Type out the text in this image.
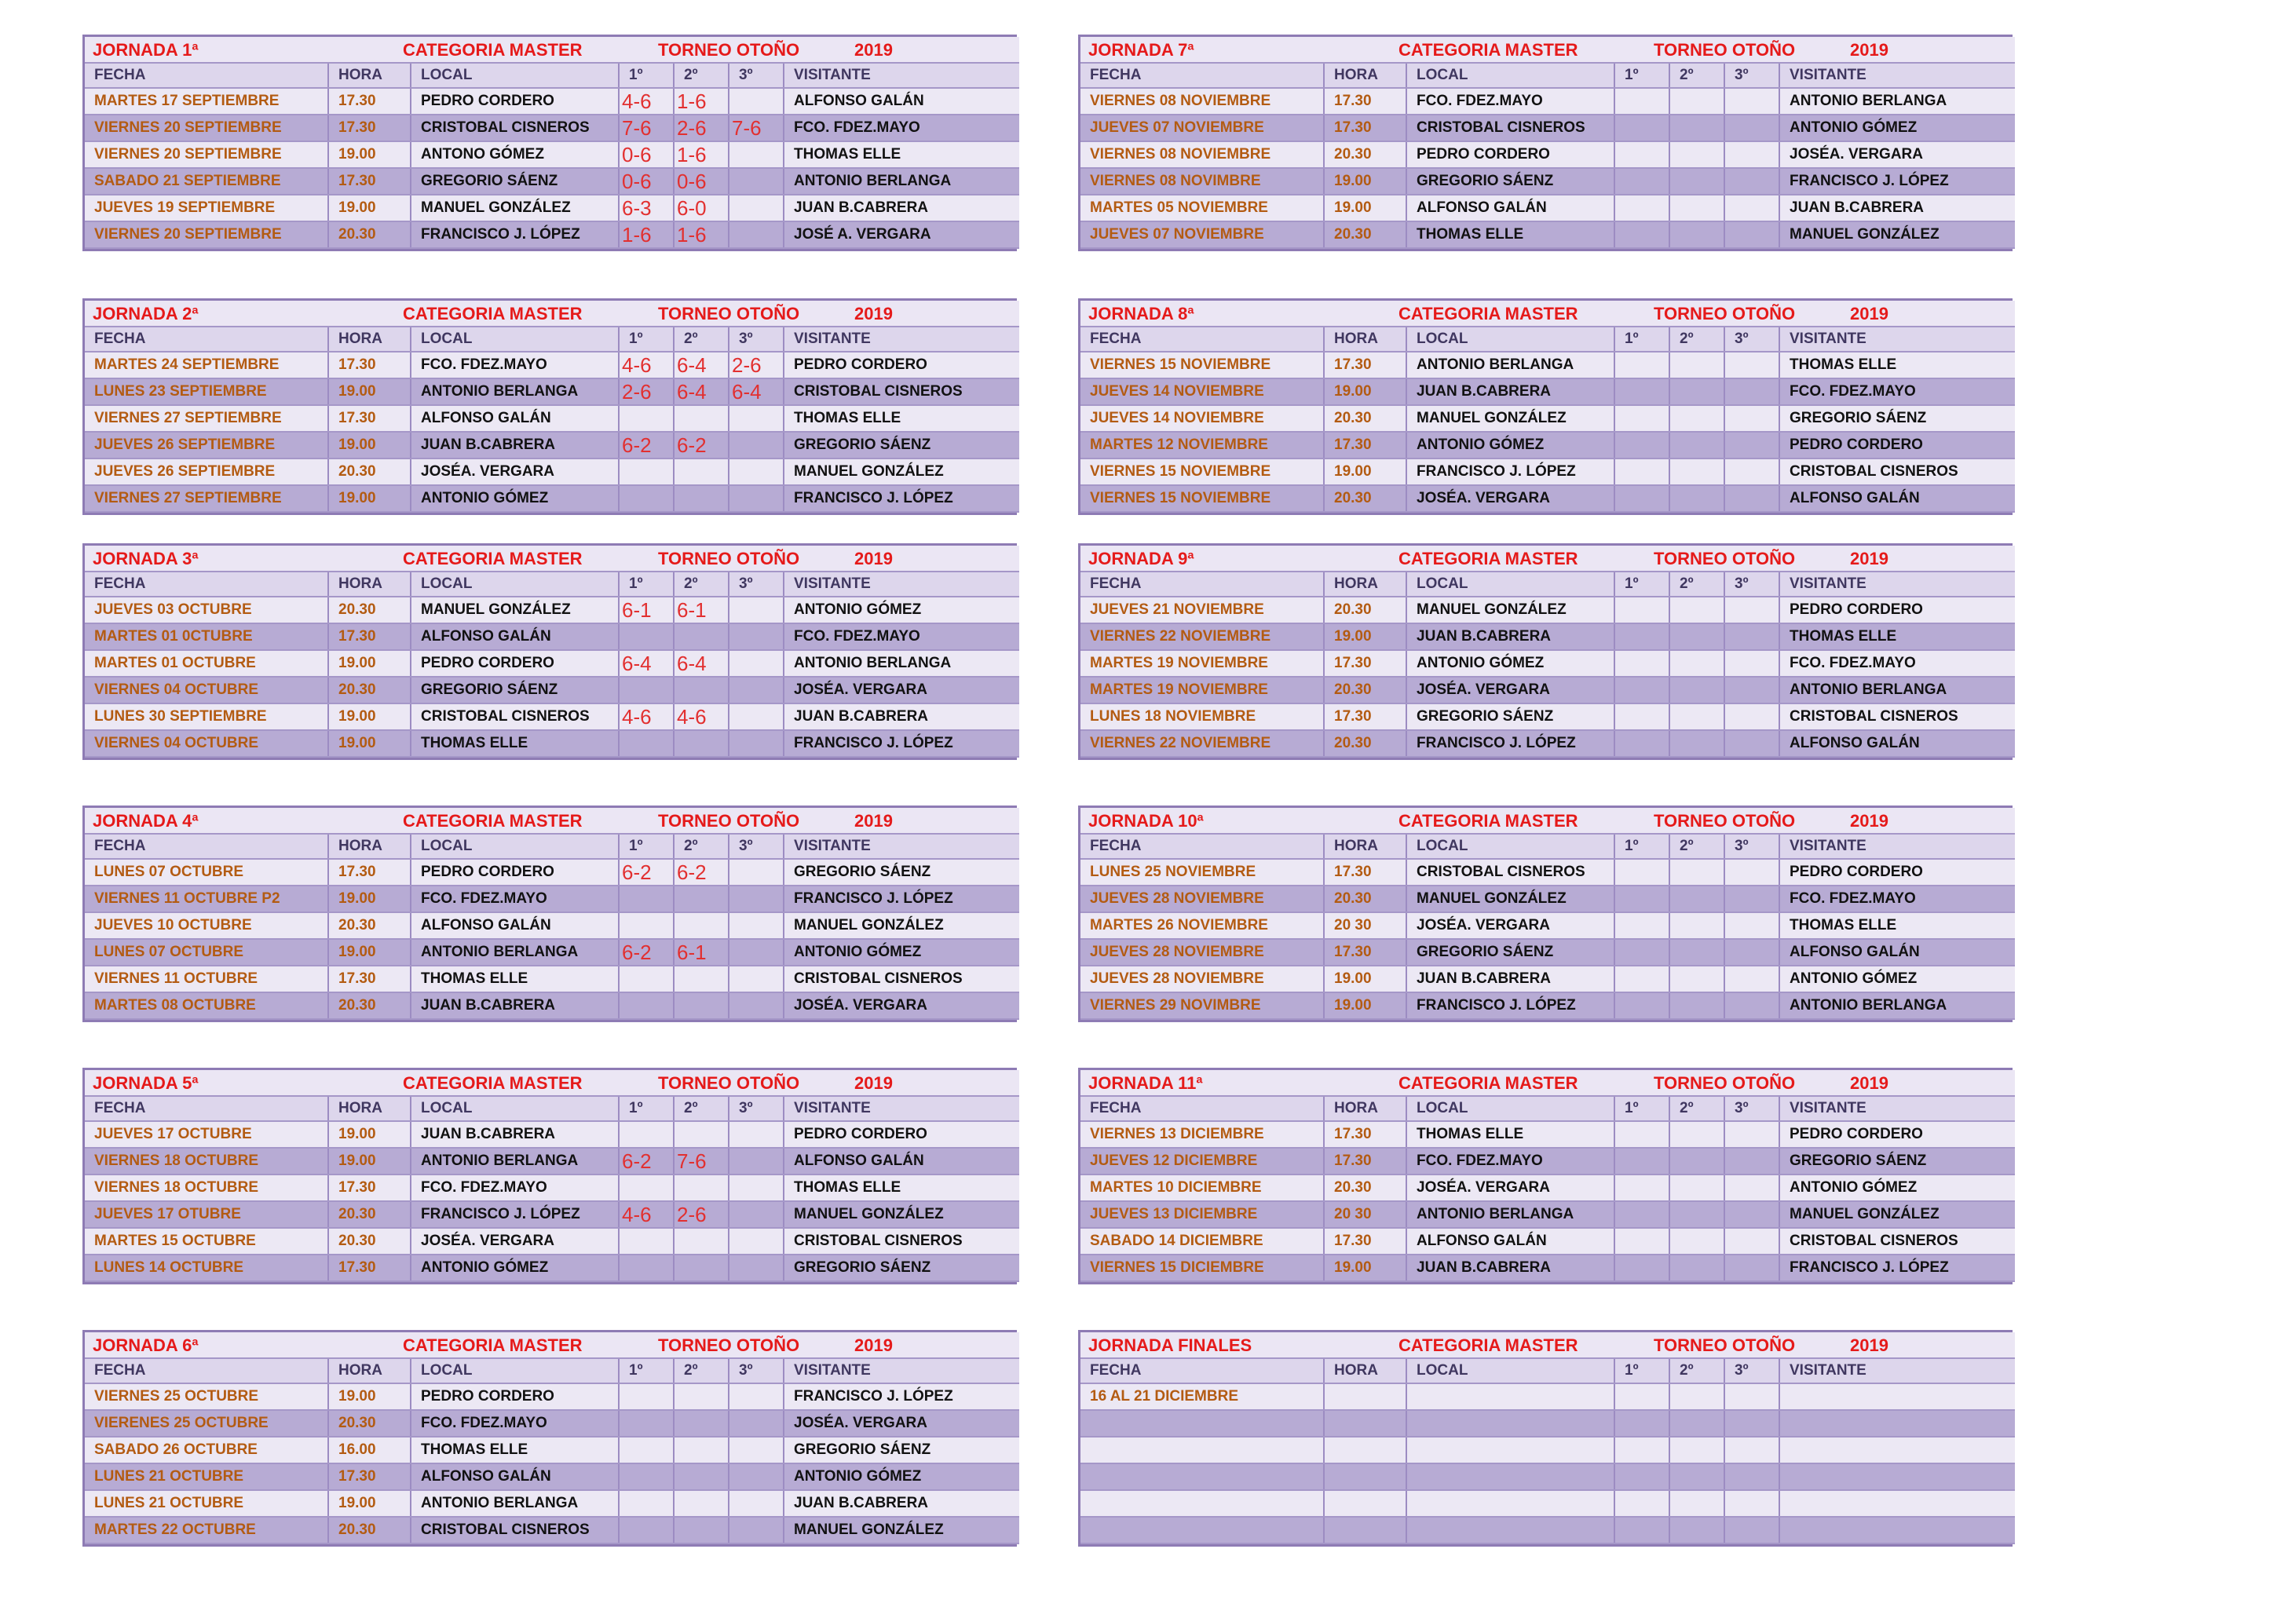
JORNADA 1ª CATEGORIA MASTER TORNEO OTOÑO 2019						

FECHA	HORA	LOCAL	1º	2º	3º	VISITANTE
MARTES 17 SEPTIEMBRE	17.30	PEDRO CORDERO	4-6	1-6		ALFONSO GALÁN
VIERNES 20 SEPTIEMBRE	17.30	CRISTOBAL CISNEROS	7-6	2-6	7-6	FCO. FDEZ.MAYO
VIERNES 20 SEPTIEMBRE	19.00	ANTONO GÓMEZ	0-6	1-6		THOMAS ELLE
SABADO 21 SEPTIEMBRE	17.30	GREGORIO SÁENZ	0-6	0-6		ANTONIO BERLANGA
JUEVES 19 SEPTIEMBRE	19.00	MANUEL GONZÁLEZ	6-3	6-0		JUAN B.CABRERA
VIERNES 20 SEPTIEMBRE	20.30	FRANCISCO J. LÓPEZ	1-6	1-6		JOSÉ A. VERGARA
JORNADA 2ª CATEGORIA MASTER TORNEO OTOÑO 2019						

FECHA	HORA	LOCAL	1º	2º	3º	VISITANTE
MARTES 24 SEPTIEMBRE	17.30	FCO. FDEZ.MAYO	4-6	6-4	2-6	PEDRO CORDERO
LUNES 23 SEPTIEMBRE	19.00	ANTONIO BERLANGA	2-6	6-4	6-4	CRISTOBAL CISNEROS
VIERNES 27 SEPTIEMBRE	17.30	ALFONSO GALÁN				THOMAS ELLE
JUEVES 26 SEPTIEMBRE	19.00	JUAN B.CABRERA	6-2	6-2		GREGORIO SÁENZ
JUEVES 26 SEPTIEMBRE	20.30	JOSÉA. VERGARA				MANUEL GONZÁLEZ
VIERNES 27 SEPTIEMBRE	19.00	ANTONIO GÓMEZ				FRANCISCO J. LÓPEZ
JORNADA 3ª CATEGORIA MASTER TORNEO OTOÑO 2019						

FECHA	HORA	LOCAL	1º	2º	3º	VISITANTE
JUEVES 03 OCTUBRE	20.30	MANUEL GONZÁLEZ	6-1	6-1		ANTONIO GÓMEZ
MARTES 01 0CTUBRE	17.30	ALFONSO GALÁN				FCO. FDEZ.MAYO
MARTES 01 OCTUBRE	19.00	PEDRO CORDERO	6-4	6-4		ANTONIO BERLANGA
VIERNES 04 OCTUBRE	20.30	GREGORIO SÁENZ				JOSÉA. VERGARA
LUNES 30 SEPTIEMBRE	19.00	CRISTOBAL CISNEROS	4-6	4-6		JUAN B.CABRERA
VIERNES 04 OCTUBRE	19.00	THOMAS ELLE				FRANCISCO J. LÓPEZ
JORNADA 4ª CATEGORIA MASTER TORNEO OTOÑO 2019						

FECHA	HORA	LOCAL	1º	2º	3º	VISITANTE
LUNES 07 OCTUBRE	17.30	PEDRO CORDERO	6-2	6-2		GREGORIO SÁENZ
VIERNES 11 OCTUBRE P2	19.00	FCO. FDEZ.MAYO				FRANCISCO J. LÓPEZ
JUEVES 10 OCTUBRE	20.30	ALFONSO GALÁN				MANUEL GONZÁLEZ
LUNES 07 OCTUBRE	19.00	ANTONIO BERLANGA	6-2	6-1		ANTONIO GÓMEZ
VIERNES 11 OCTUBRE	17.30	THOMAS ELLE				CRISTOBAL CISNEROS
MARTES 08 OCTUBRE	20.30	JUAN B.CABRERA				JOSÉA. VERGARA
JORNADA 5ª CATEGORIA MASTER TORNEO OTOÑO 2019						

FECHA	HORA	LOCAL	1º	2º	3º	VISITANTE
JUEVES 17 OCTUBRE	19.00	JUAN B.CABRERA				PEDRO CORDERO
VIERNES 18 OCTUBRE	19.00	ANTONIO BERLANGA	6-2	7-6		ALFONSO GALÁN
VIERNES 18 OCTUBRE	17.30	FCO. FDEZ.MAYO				THOMAS ELLE
JUEVES 17 OTUBRE	20.30	FRANCISCO J. LÓPEZ	4-6	2-6		MANUEL GONZÁLEZ
MARTES 15 OCTUBRE	20.30	JOSÉA. VERGARA				CRISTOBAL CISNEROS
LUNES 14 OCTUBRE	17.30	ANTONIO GÓMEZ				GREGORIO SÁENZ
JORNADA 6ª CATEGORIA MASTER TORNEO OTOÑO 2019						

FECHA	HORA	LOCAL	1º	2º	3º	VISITANTE
VIERNES 25 OCTUBRE	19.00	PEDRO CORDERO				FRANCISCO J. LÓPEZ
VIERENES 25 OCTUBRE	20.30	FCO. FDEZ.MAYO				JOSÉA. VERGARA
SABADO 26 OCTUBRE	16.00	THOMAS ELLE				GREGORIO SÁENZ
LUNES 21 OCTUBRE	17.30	ALFONSO GALÁN				ANTONIO GÓMEZ
LUNES 21 OCTUBRE	19.00	ANTONIO BERLANGA				JUAN B.CABRERA
MARTES 22 OCTUBRE	20.30	CRISTOBAL CISNEROS				MANUEL GONZÁLEZ
JORNADA 7ª CATEGORIA MASTER TORNEO OTOÑO 2019						

FECHA	HORA	LOCAL	1º	2º	3º	VISITANTE
VIERNES 08 NOVIEMBRE	17.30	FCO. FDEZ.MAYO				ANTONIO BERLANGA
JUEVES 07 NOVIEMBRE	17.30	CRISTOBAL CISNEROS				ANTONIO GÓMEZ
VIERNES 08 NOVIEMBRE	20.30	PEDRO CORDERO				JOSÉA. VERGARA
VIERNES 08 NOVIMBRE	19.00	GREGORIO SÁENZ				FRANCISCO J. LÓPEZ
MARTES 05 NOVIEMBRE	19.00	ALFONSO GALÁN				JUAN B.CABRERA
JUEVES 07 NOVIEMBRE	20.30	THOMAS ELLE				MANUEL GONZÁLEZ
JORNADA 8ª CATEGORIA MASTER TORNEO OTOÑO 2019						

FECHA	HORA	LOCAL	1º	2º	3º	VISITANTE
VIERNES 15 NOVIEMBRE	17.30	ANTONIO BERLANGA				THOMAS ELLE
JUEVES 14 NOVIEMBRE	19.00	JUAN B.CABRERA				FCO. FDEZ.MAYO
JUEVES 14 NOVIEMBRE	20.30	MANUEL GONZÁLEZ				GREGORIO SÁENZ
MARTES 12 NOVIEMBRE	17.30	ANTONIO GÓMEZ				PEDRO CORDERO
VIERNES 15 NOVIEMBRE	19.00	FRANCISCO J. LÓPEZ				CRISTOBAL CISNEROS
VIERNES 15 NOVIEMBRE	20.30	JOSÉA. VERGARA				ALFONSO GALÁN
JORNADA 9ª CATEGORIA MASTER TORNEO OTOÑO 2019						

FECHA	HORA	LOCAL	1º	2º	3º	VISITANTE
JUEVES 21 NOVIEMBRE	20.30	MANUEL GONZÁLEZ				PEDRO CORDERO
VIERNES 22 NOVIEMBRE	19.00	JUAN B.CABRERA				THOMAS ELLE
MARTES 19 NOVIEMBRE	17.30	ANTONIO GÓMEZ				FCO. FDEZ.MAYO
MARTES 19 NOVIEMBRE	20.30	JOSÉA. VERGARA				ANTONIO BERLANGA
LUNES 18 NOVIEMBRE	17.30	GREGORIO SÁENZ				CRISTOBAL CISNEROS
VIERNES 22 NOVIEMBRE	20.30	FRANCISCO J. LÓPEZ				ALFONSO GALÁN
JORNADA 10ª CATEGORIA MASTER TORNEO OTOÑO 2019						

FECHA	HORA	LOCAL	1º	2º	3º	VISITANTE
LUNES 25 NOVIEMBRE	17.30	CRISTOBAL CISNEROS				PEDRO CORDERO
JUEVES 28 NOVIEMBRE	20.30	MANUEL GONZÁLEZ				FCO. FDEZ.MAYO
MARTES 26 NOVIEMBRE	20 30	JOSÉA. VERGARA				THOMAS ELLE
JUEVES 28 NOVIEMBRE	17.30	GREGORIO SÁENZ				ALFONSO GALÁN
JUEVES 28 NOVIEMBRE	19.00	JUAN B.CABRERA				ANTONIO GÓMEZ
VIERNES 29 NOVIMBRE	19.00	FRANCISCO J. LÓPEZ				ANTONIO BERLANGA
JORNADA 11ª CATEGORIA MASTER TORNEO OTOÑO 2019						

FECHA	HORA	LOCAL	1º	2º	3º	VISITANTE
VIERNES 13 DICIEMBRE	17.30	THOMAS ELLE				PEDRO CORDERO
JUEVES 12 DICIEMBRE	17.30	FCO. FDEZ.MAYO				GREGORIO SÁENZ
MARTES 10 DICIEMBRE	20.30	JOSÉA. VERGARA				ANTONIO GÓMEZ
JUEVES 13 DICIEMBRE	20 30	ANTONIO BERLANGA				MANUEL GONZÁLEZ
SABADO 14 DICIEMBRE	17.30	ALFONSO GALÁN				CRISTOBAL CISNEROS
VIERNES 15 DICIEMBRE	19.00	JUAN B.CABRERA				FRANCISCO J. LÓPEZ
JORNADA FINALES CATEGORIA MASTER TORNEO OTOÑO 2019						

FECHA	HORA	LOCAL	1º	2º	3º	VISITANTE
16 AL 21 DICIEMBRE						
